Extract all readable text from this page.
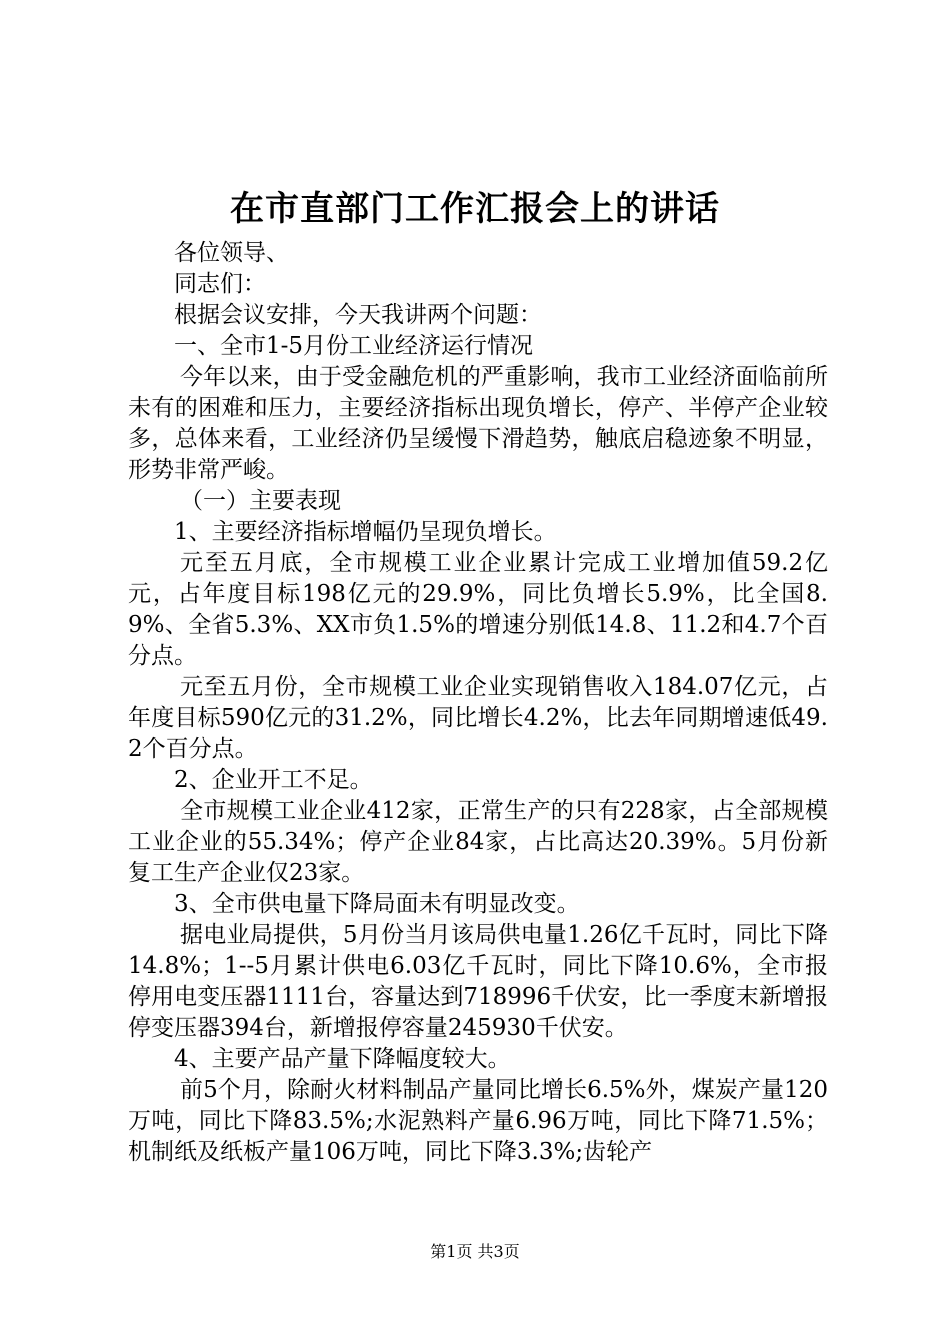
在市直部门工作汇报会上的讲话

各位领导、

同志们：

根据会议安排，今天我讲两个问题：

一、全市1-5月份工业经济运行情况

今年以来，由于受金融危机的严重影响，我市工业经济面临前所未有的困难和压力，主要经济指标出现负增长，停产、半停产企业较多，总体来看，工业经济仍呈缓慢下滑趋势，触底启稳迹象不明显，形势非常严峻。

（一）主要表现

1、主要经济指标增幅仍呈现负增长。

元至五月底，全市规模工业企业累计完成工业增加值59.2亿元，占年度目标198亿元的29.9%，同比负增长5.9%，比全国8.9%、全省5.3%、XX市负1.5%的增速分别低14.8、11.2和4.7个百分点。

元至五月份，全市规模工业企业实现销售收入184.07亿元，占年度目标590亿元的31.2%，同比增长4.2%，比去年同期增速低49.2个百分点。

2、企业开工不足。

全市规模工业企业412家，正常生产的只有228家，占全部规模工业企业的55.34%；停产企业84家，占比高达20.39%。5月份新复工生产企业仅23家。

3、全市供电量下降局面未有明显改变。

据电业局提供，5月份当月该局供电量1.26亿千瓦时，同比下降14.8%；1--5月累计供电6.03亿千瓦时，同比下降10.6%，全市报停用电变压器1111台，容量达到718996千伏安，比一季度末新增报停变压器394台，新增报停容量245930千伏安。

4、主要产品产量下降幅度较大。

前5个月，除耐火材料制品产量同比增长6.5%外，煤炭产量120万吨，同比下降83.5%;水泥熟料产量6.96万吨，同比下降71.5%；机制纸及纸板产量106万吨，同比下降3.3%;齿轮产

第1页 共3页
